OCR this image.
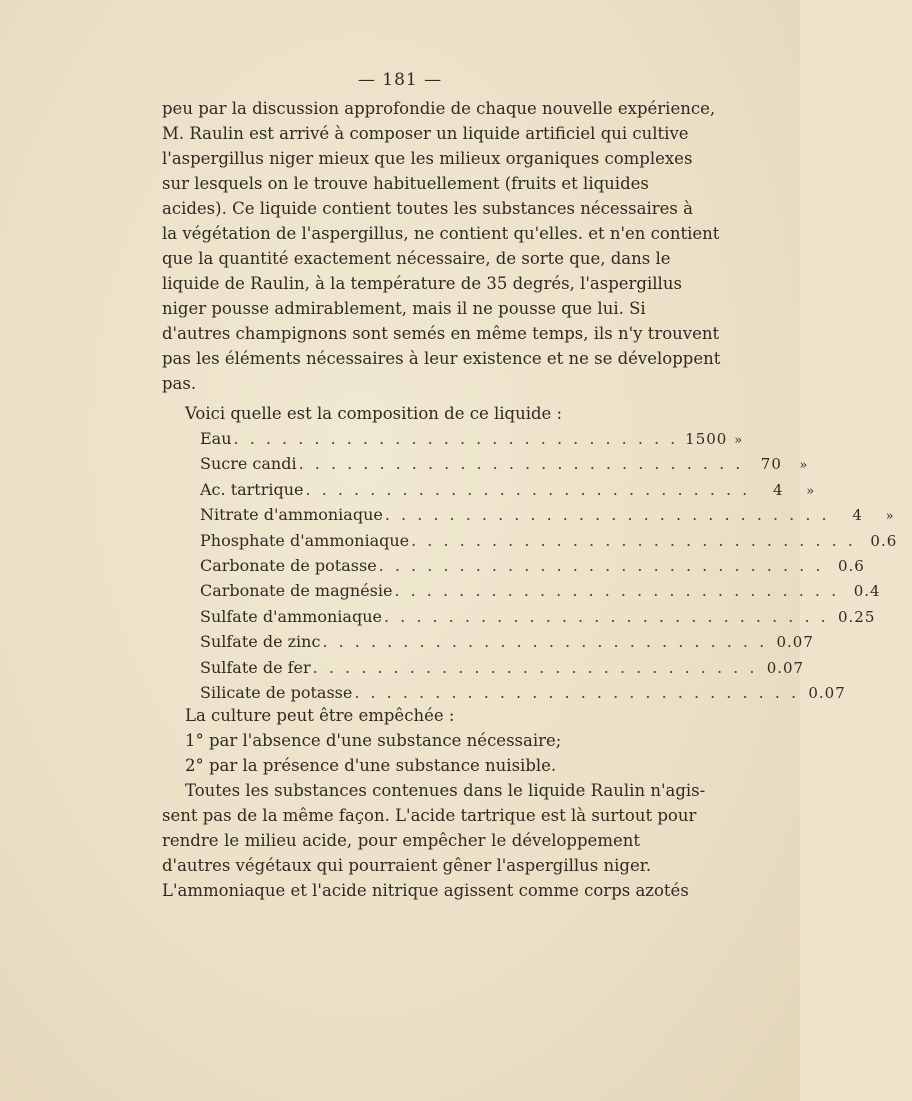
— 181 —
peu par la discussion approfondie de chaque nouvelle expérience,
M. Raulin est arrivé à composer un liquide artificiel qui cultive
l'aspergillus niger mieux que les milieux organiques complexes
sur lesquels on le trouve habituellement (fruits et liquides
acides). Ce liquide contient toutes les substances nécessaires à
la végétation de l'aspergillus, ne contient qu'elles. et n'en contient
que la quantité exactement nécessaire, de sorte que, dans le
liquide de Raulin, à la température de 35 degrés, l'aspergillus
niger pousse admirablement, mais il ne pousse que lui. Si
d'autres champignons sont semés en même temps, ils n'y trouvent
pas les éléments nécessaires à leur existence et ne se développent
pas.
Voici quelle est la composition de ce liquide :
Eau . . . . . . . . . . . . . . . . . . . . . . . . . . . . 1500 »
Sucre candi . . . . . . . . . . . . . . . . . . . . . . . . . . . .	70	»
Ac. tartrique . . . . . . . . . . . . . . . . . . . . . . . . . . . .	4	»
Nitrate d'ammoniaque . . . . . . . . . . . . . . . . . . . . . . . . . . . .	4	»
Phosphate d'ammoniaque . . . . . . . . . . . . . . . . . . . . . . . . . . . . 0.6
Carbonate de potasse . . . . . . . . . . . . . . . . . . . . . . . . . . . . 0.6
Carbonate de magnésie . . . . . . . . . . . . . . . . . . . . . . . . . . . . 0.4
Sulfate d'ammoniaque . . . . . . . . . . . . . . . . . . . . . . . . . . . . 0.25
Sulfate de zinc . . . . . . . . . . . . . . . . . . . . . . . . . . . . 0.07
Sulfate de fer . . . . . . . . . . . . . . . . . . . . . . . . . . . . 0.07
Silicate de potasse . . . . . . . . . . . . . . . . . . . . . . . . . . . . 0.07
La culture peut être empêchée :
1° par l'absence d'une substance nécessaire;
2° par la présence d'une substance nuisible.
Toutes les substances contenues dans le liquide Raulin n'agis-
sent pas de la même façon. L'acide tartrique est là surtout pour
rendre le milieu acide, pour empêcher le développement
d'autres végétaux qui pourraient gêner l'aspergillus niger.
L'ammoniaque et l'acide nitrique agissent comme corps azotés
